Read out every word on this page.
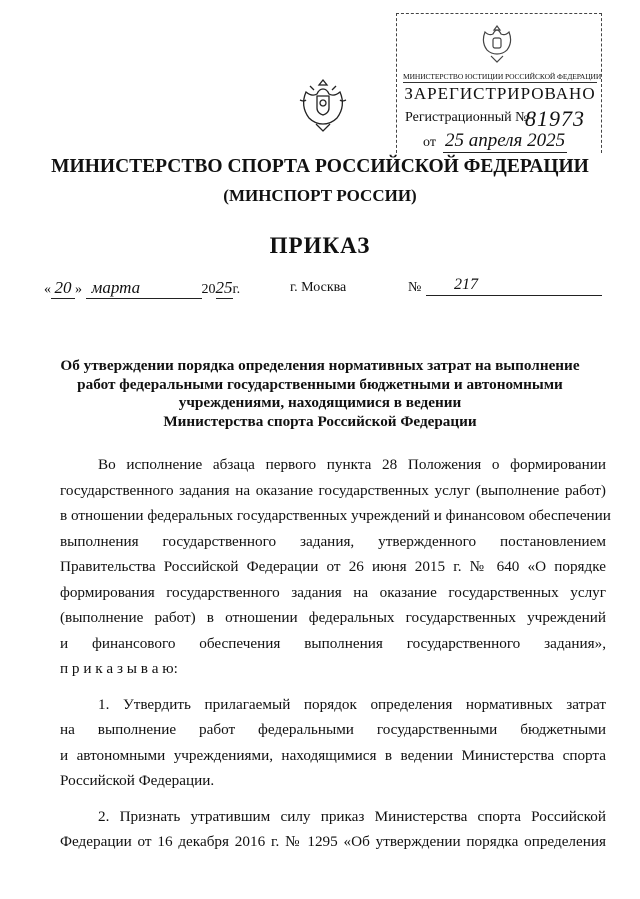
МИНИСТЕРСТВО ЮСТИЦИИ РОССИЙСКОЙ ФЕДЕРАЦИИ
ЗАРЕГИСТРИРОВАНО
Регистрационный №
81973
от 25 апреля 2025
МИНИСТЕРСТВО СПОРТА РОССИЙСКОЙ ФЕДЕРАЦИИ
(МИНСПОРТ РОССИИ)
ПРИКАЗ
« 20 » марта	2025г.	г. Москва	№	217
Об утверждении порядка определения нормативных затрат на выполнение
работ федеральными государственными бюджетными и автономными
учреждениями, находящимися в ведении
Министерства спорта Российской Федерации
Во исполнение абзаца первого пункта 28 Положения о формировании
государственного задания на оказание государственных услуг (выполнение работ)
в отношении федеральных государственных учреждений и финансовом обеспечении
выполнения государственного задания, утвержденного постановлением
Правительства Российской Федерации от 26 июня 2015 г. № 640 «О порядке
формирования государственного задания на оказание государственных услуг
(выполнение работ) в отношении федеральных государственных учреждений
и финансового обеспечения выполнения государственного задания»,
п р и к а з ы в а ю:
1. Утвердить прилагаемый порядок определения нормативных затрат
на выполнение работ федеральными государственными бюджетными
и автономными учреждениями, находящимися в ведении Министерства спорта
Российской Федерации.
2. Признать утратившим силу приказ Министерства спорта Российской
Федерации от 16 декабря 2016 г. № 1295 «Об утверждении порядка определения
